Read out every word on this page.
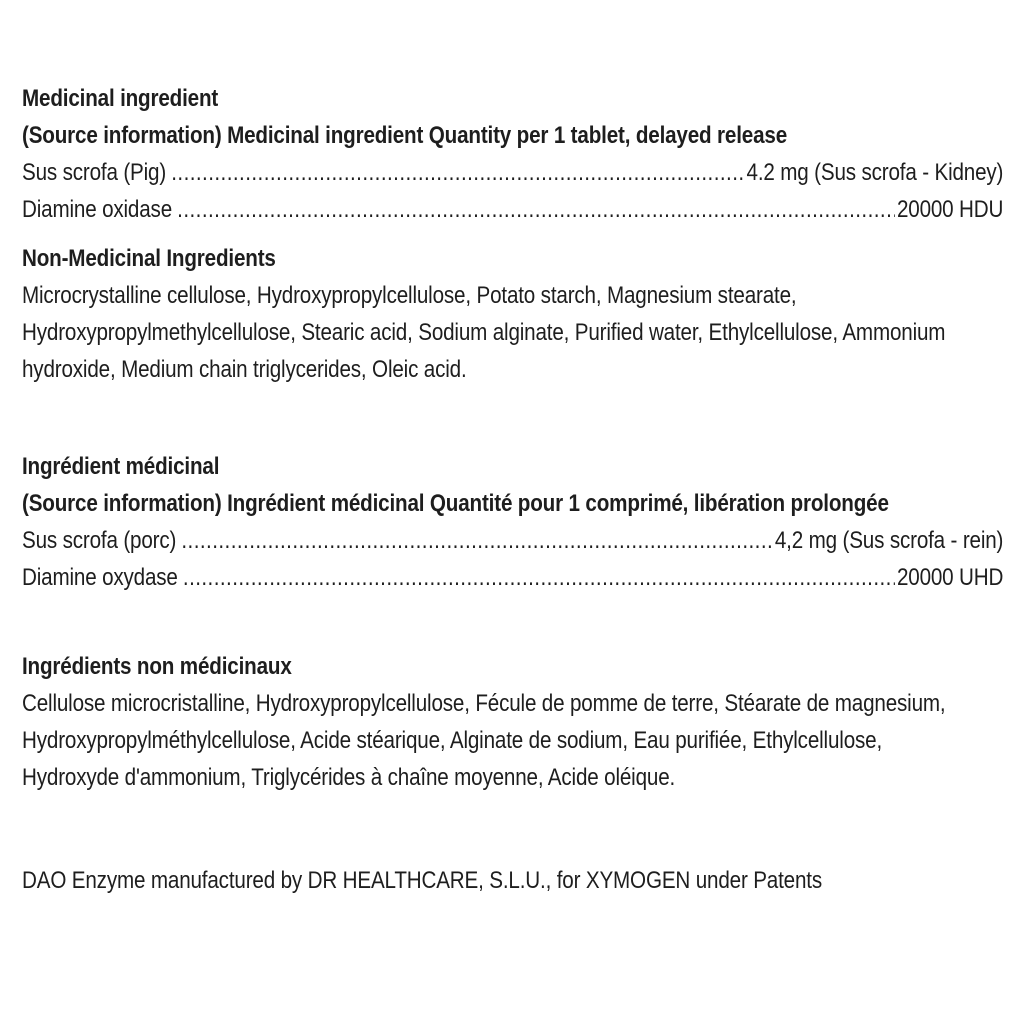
Medicinal ingredient
(Source information) Medicinal ingredient Quantity per 1 tablet, delayed release
Sus scrofa (Pig) .....	4.2 mg (Sus scrofa - Kidney)
Diamine oxidase .....	20000 HDU
Non-Medicinal Ingredients
Microcrystalline cellulose, Hydroxypropylcellulose, Potato starch, Magnesium stearate, Hydroxypropylmethylcellulose, Stearic acid, Sodium alginate, Purified water, Ethylcellulose, Ammonium hydroxide, Medium chain triglycerides, Oleic acid.
Ingrédient médicinal
(Source information) Ingrédient médicinal Quantité pour 1 comprimé, libération prolongée
Sus scrofa (porc) .....	4,2 mg (Sus scrofa - rein)
Diamine oxydase .....	20000 UHD
Ingrédients non médicinaux
Cellulose microcristalline, Hydroxypropylcellulose, Fécule de pomme de terre, Stéarate de magnesium, Hydroxypropylméthylcellulose, Acide stéarique, Alginate de sodium, Eau purifiée, Ethylcellulose, Hydroxyde d'ammonium, Triglycérides à chaîne moyenne, Acide oléique.
DAO Enzyme manufactured by DR HEALTHCARE, S.L.U., for XYMOGEN under Patents
